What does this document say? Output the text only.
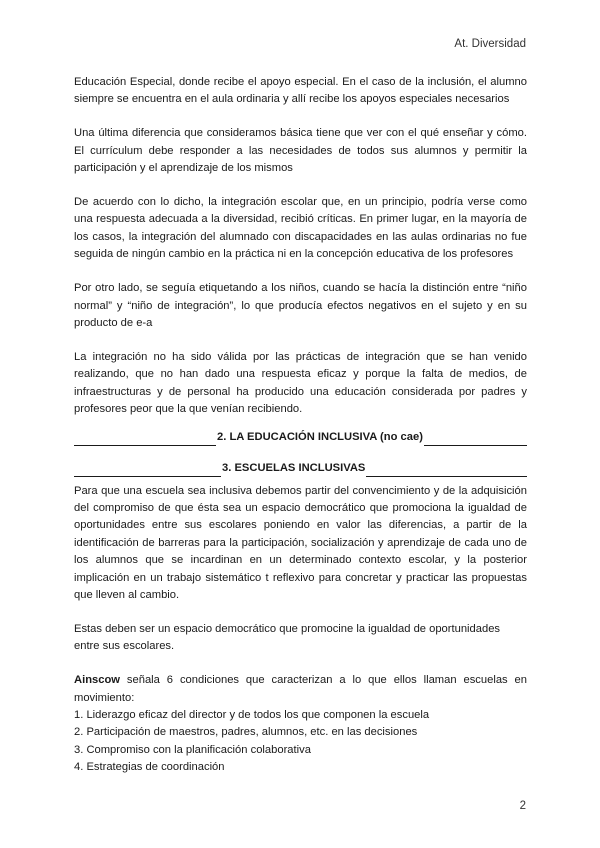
At. Diversidad

Educación Especial, donde recibe el apoyo especial. En el caso de la inclusión, el alumno siempre se encuentra en el aula ordinaria y allí recibe los apoyos especiales necesarios

Una última diferencia que consideramos básica tiene que ver con el qué enseñar y cómo. El currículum debe responder a las necesidades de todos sus alumnos y permitir la participación y el aprendizaje de los mismos

De acuerdo con lo dicho, la integración escolar que, en un principio, podría verse como una respuesta adecuada a la diversidad, recibió críticas. En primer lugar, en la mayoría de los casos, la integración del alumnado con discapacidades en las aulas ordinarias no fue seguida de ningún cambio en la práctica ni en la concepción educativa de los profesores

Por otro lado, se seguía etiquetando a los niños, cuando se hacía la distinción entre “niño normal” y “niño de integración”, lo que producía efectos negativos en el sujeto y en su producto de e-a

La integración no ha sido válida por las prácticas de integración que se han venido realizando, que no han dado una respuesta eficaz y porque la falta de medios, de infraestructuras y de personal ha producido una educación considerada por padres y profesores peor que la que venían recibiendo.

2. LA EDUCACIÓN INCLUSIVA (no cae)
3. ESCUELAS INCLUSIVAS

Para que una escuela sea inclusiva debemos partir del convencimiento y de la adquisición del compromiso de que ésta sea un espacio democrático que promociona la igualdad de oportunidades entre sus escolares poniendo en valor las diferencias, a partir de la identificación de barreras para la participación, socialización y aprendizaje de cada uno de los alumnos que se incardinan en un determinado contexto escolar, y la posterior implicación en un trabajo sistemático t reflexivo para concretar y practicar las propuestas que lleven al cambio.

Estas deben ser un espacio democrático que promocine la igualdad de oportunidades entre sus escolares.

Ainscow señala 6 condiciones que caracterizan a lo que ellos llaman escuelas en movimiento:

1. Liderazgo eficaz del director y de todos los que componen la escuela
2. Participación de maestros, padres, alumnos, etc. en las decisiones
3. Compromiso con la planificación colaborativa
4. Estrategias de coordinación
2
